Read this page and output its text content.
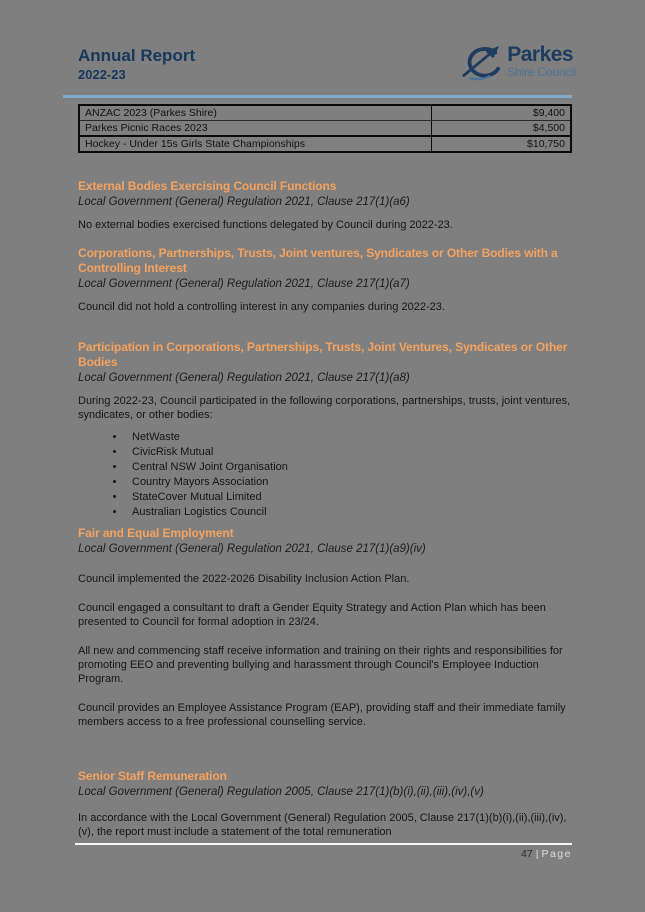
Annual Report
2022-23
Parkes
Shire Council
ANZAC 2023 (Parkes Shire)	$9,400
Parkes Picnic Races 2023	$4,500
Hockey - Under 15s Girls State Championships	$10,750
External Bodies Exercising Council Functions
Local Government (General) Regulation 2021, Clause 217(1)(a6)
No external bodies exercised functions delegated by Council during 2022-23.
Corporations, Partnerships, Trusts, Joint ventures, Syndicates or Other Bodies with a Controlling Interest
Local Government (General) Regulation 2021, Clause 217(1)(a7)
Council did not hold a controlling interest in any companies during 2022-23.
Participation in Corporations, Partnerships, Trusts, Joint Ventures, Syndicates or Other Bodies
Local Government (General) Regulation 2021, Clause 217(1)(a8)
During 2022-23, Council participated in the following corporations, partnerships, trusts, joint ventures, syndicates, or other bodies:
• NetWaste
• CivicRisk Mutual
• Central NSW Joint Organisation
• Country Mayors Association
• StateCover Mutual Limited
• Australian Logistics Council
Fair and Equal Employment
Local Government (General) Regulation 2021, Clause 217(1)(a9)(iv)
Council implemented the 2022-2026 Disability Inclusion Action Plan.
Council engaged a consultant to draft a Gender Equity Strategy and Action Plan which has been presented to Council for formal adoption in 23/24.
All new and commencing staff receive information and training on their rights and responsibilities for promoting EEO and preventing bullying and harassment through Council's Employee Induction Program.
Council provides an Employee Assistance Program (EAP), providing staff and their immediate family members access to a free professional counselling service.
Senior Staff Remuneration
Local Government (General) Regulation 2005, Clause 217(1)(b)(i),(ii),(iii),(iv),(v)
In accordance with the Local Government (General) Regulation 2005, Clause 217(1)(b)(i),(ii),(iii),(iv),(v), the report must include a statement of the total remuneration
47 | Page
